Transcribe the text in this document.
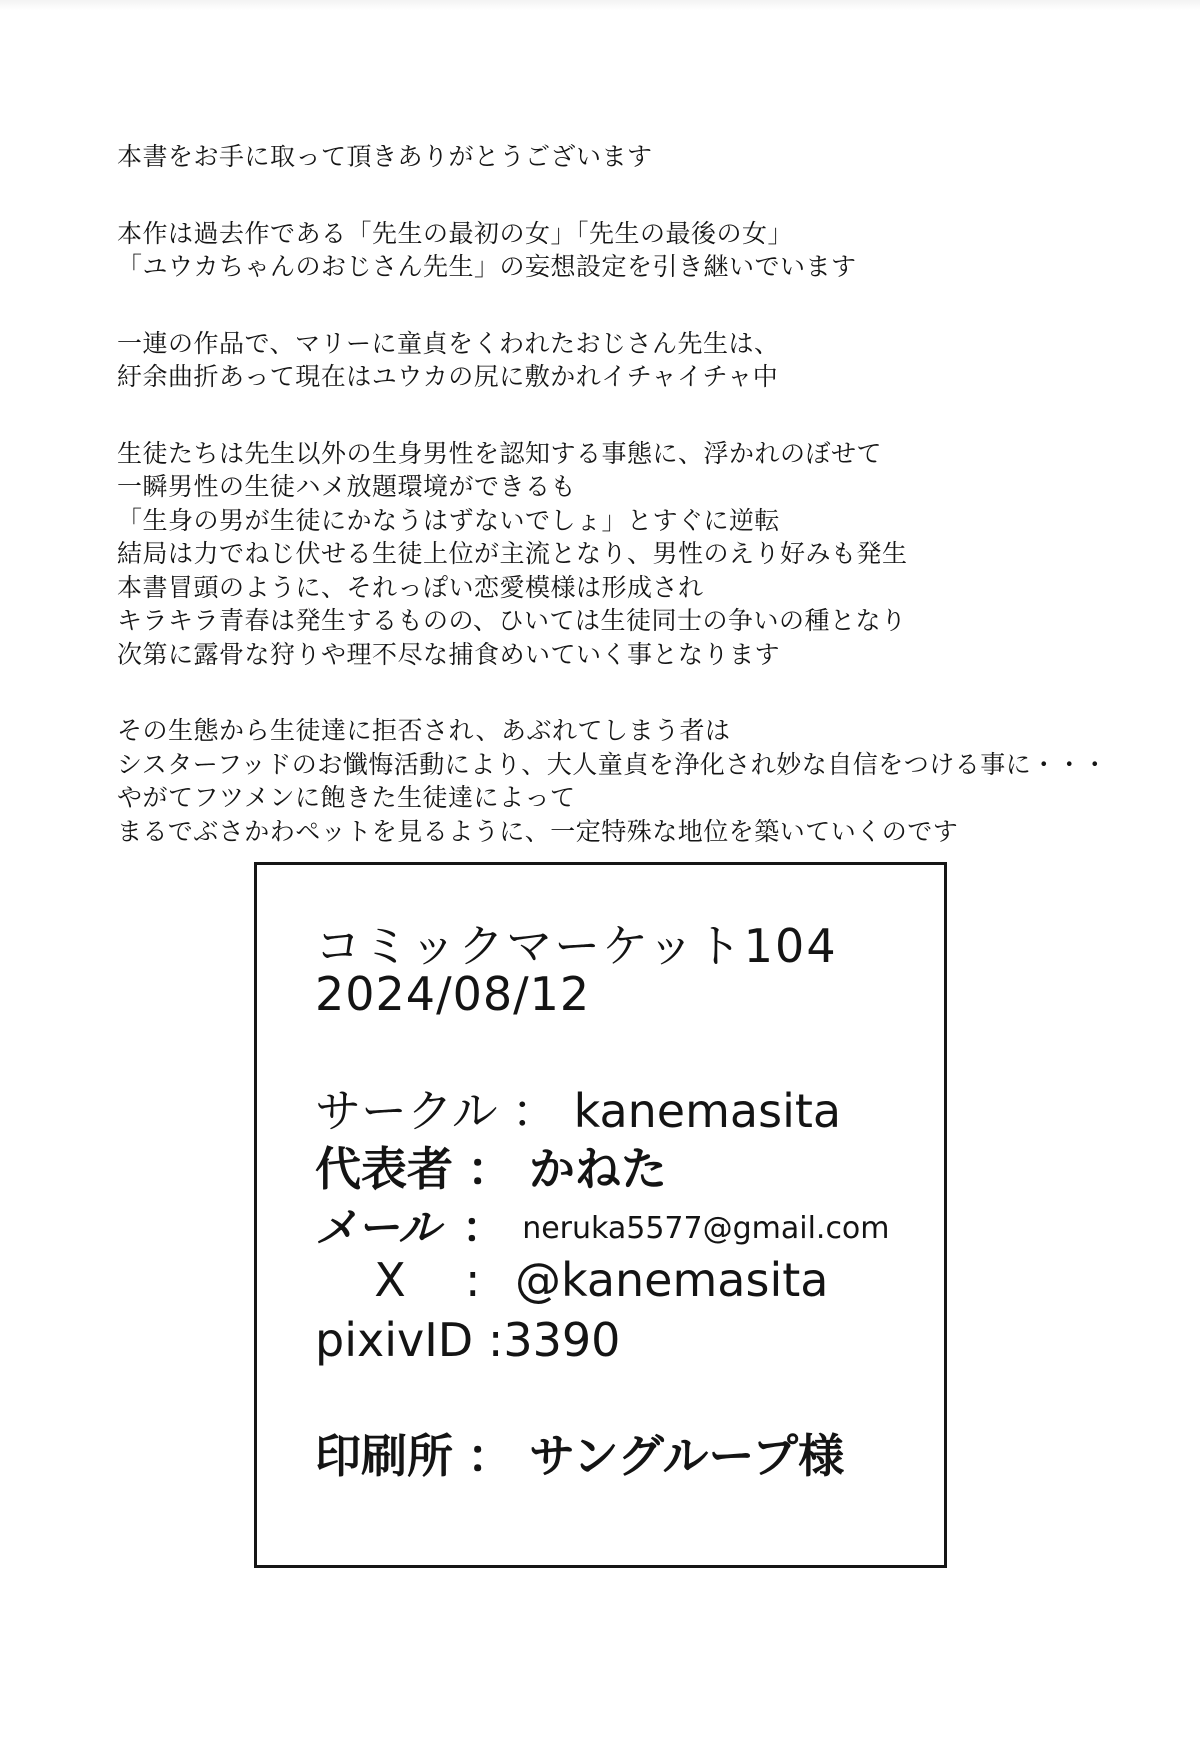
本書をお手に取って頂きありがとうございます
本作は過去作である「先生の最初の女」「先生の最後の女」
「ユウカちゃんのおじさん先生」の妄想設定を引き継いでいます
一連の作品で、マリーに童貞をくわれたおじさん先生は、
紆余曲折あって現在はユウカの尻に敷かれイチャイチャ中
生徒たちは先生以外の生身男性を認知する事態に、浮かれのぼせて
一瞬男性の生徒ハメ放題環境ができるも
「生身の男が生徒にかなうはずないでしょ」とすぐに逆転
結局は力でねじ伏せる生徒上位が主流となり、男性のえり好みも発生
本書冒頭のように、それっぽい恋愛模様は形成され
キラキラ青春は発生するものの、ひいては生徒同士の争いの種となり
次第に露骨な狩りや理不尽な捕食めいていく事となります
その生態から生徒達に拒否され、あぶれてしまう者は
シスターフッドのお懺悔活動により、大人童貞を浄化され妙な自信をつける事に・・・
やがてフツメンに飽きた生徒達によって
まるでぶさかわペットを見るように、一定特殊な地位を築いていくのです
コミックマーケット104
2024/08/12
サークル ： kanemasita
代表者 ： かねた
メール ： neruka5577@gmail.com
X : @kanemasita
pixivID :3390
印刷所 ： サングループ様
